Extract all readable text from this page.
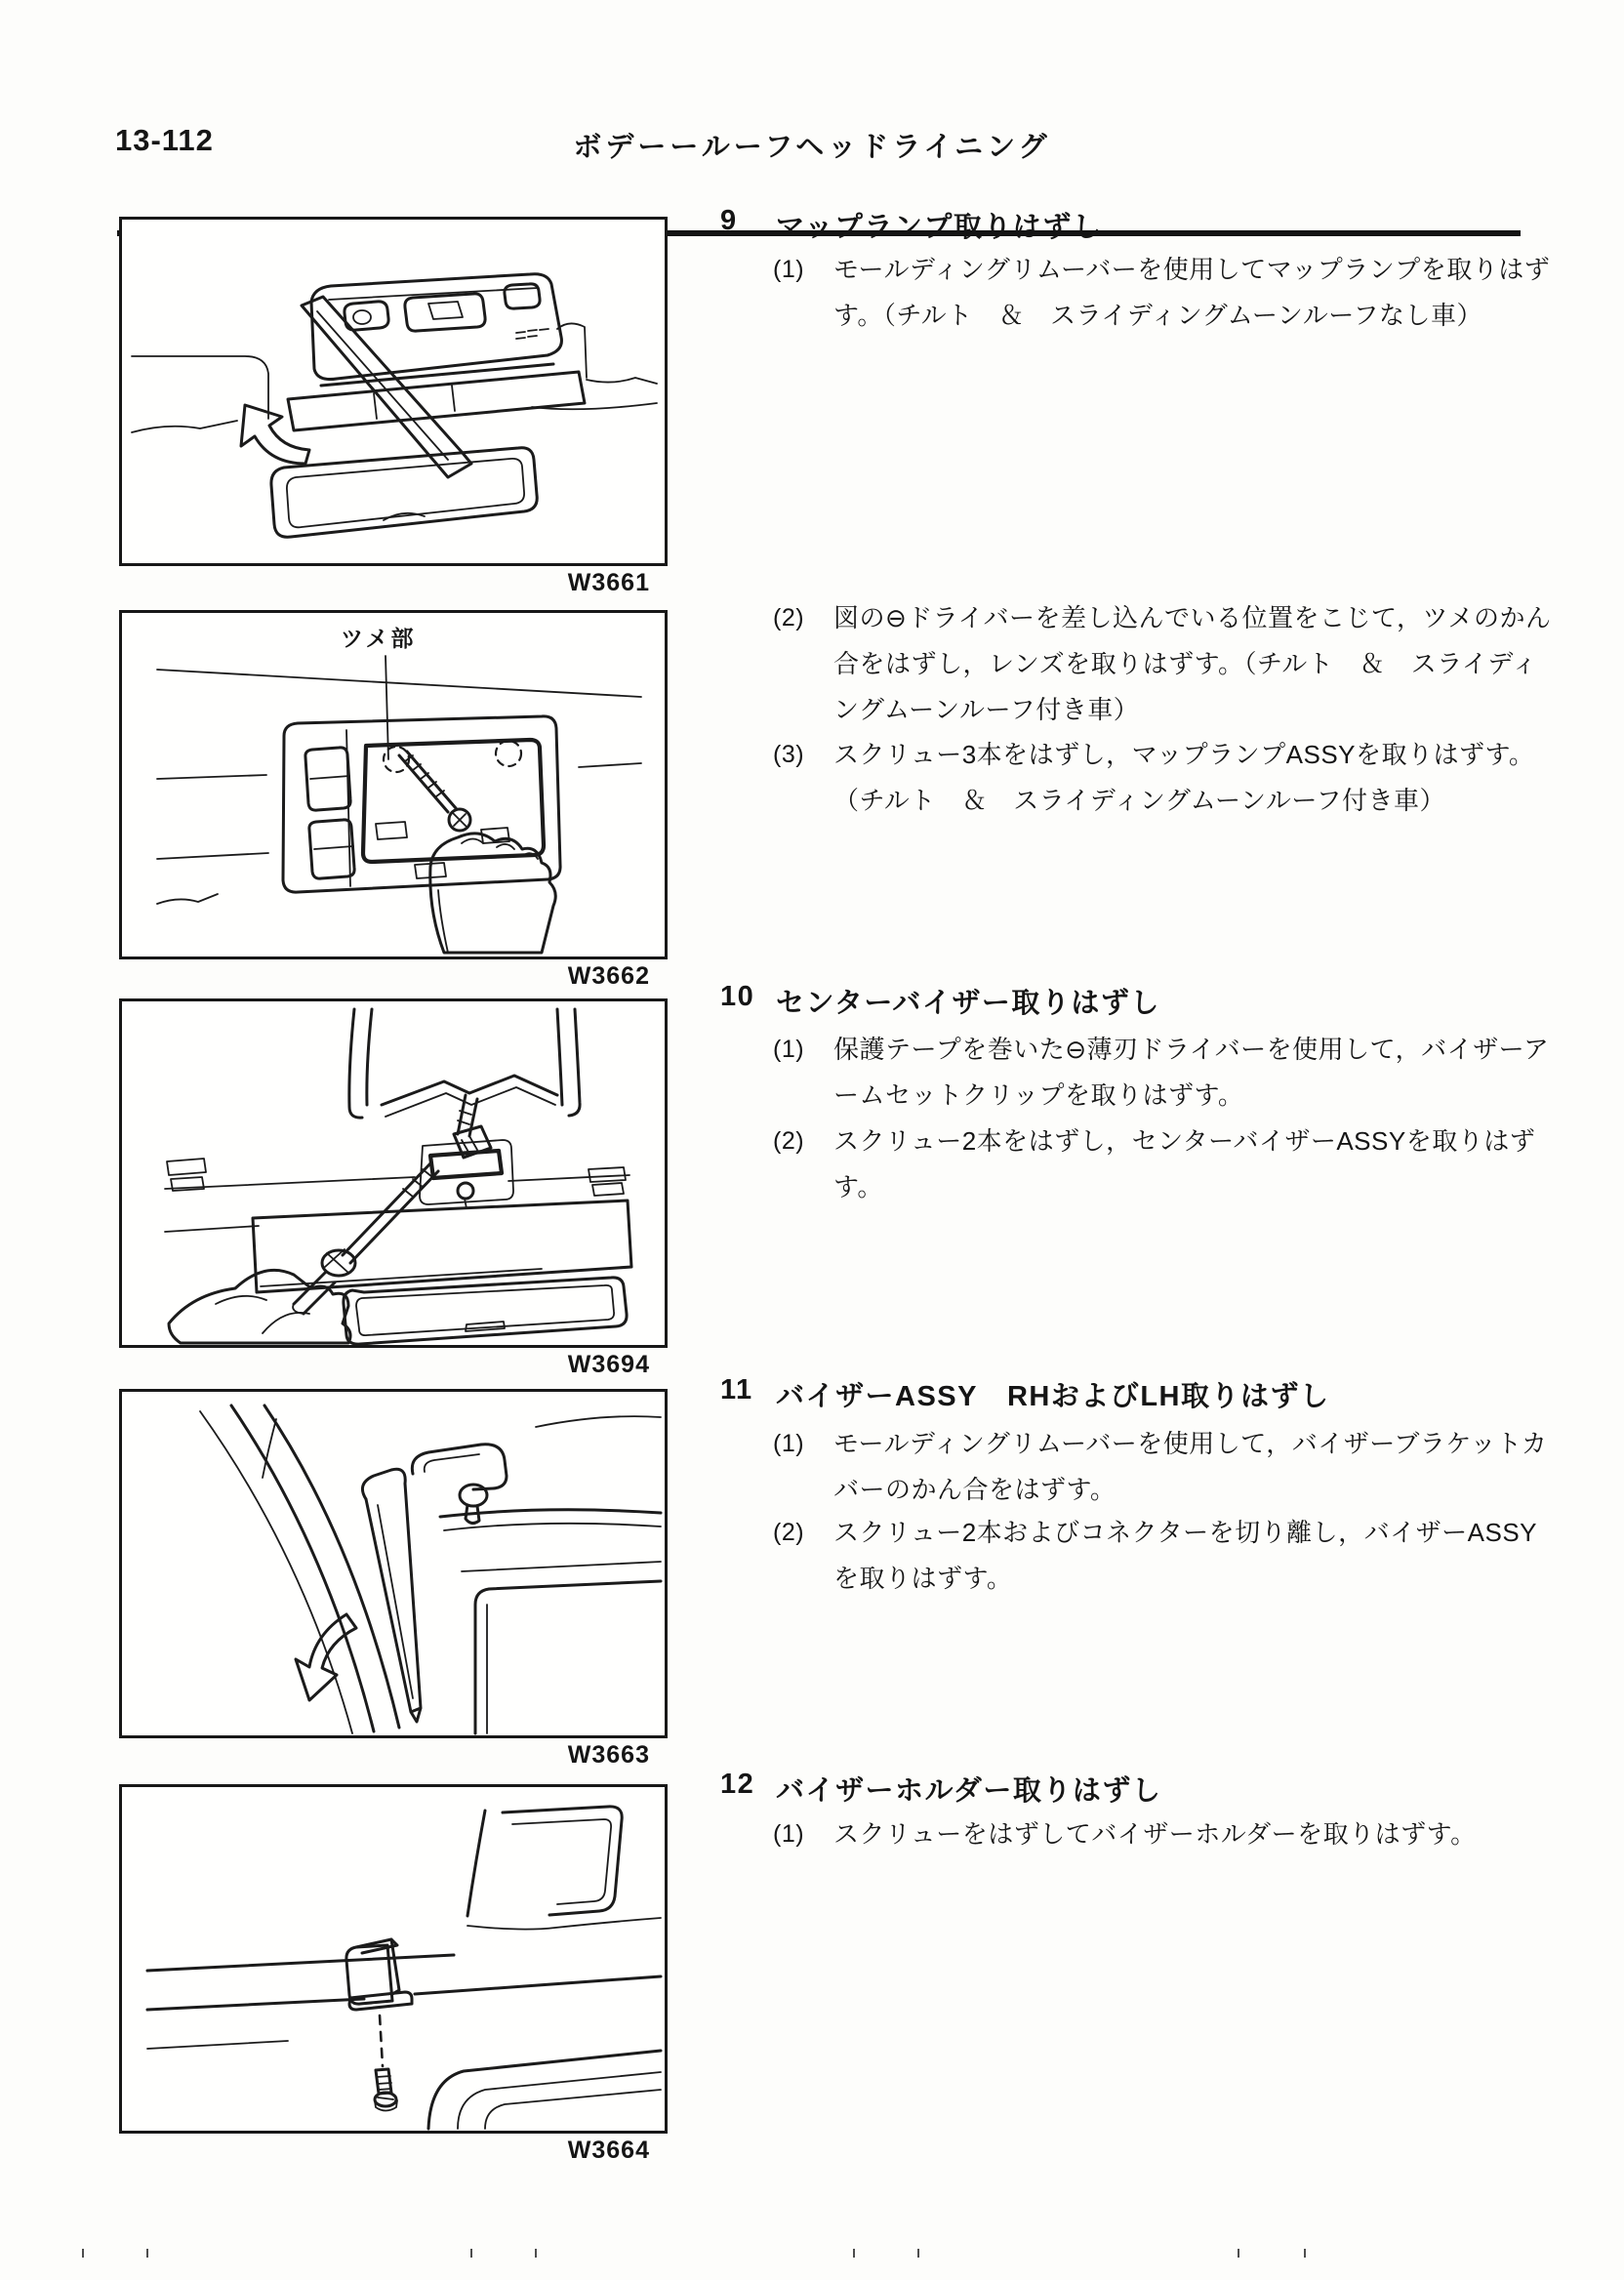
13-112	ボデーールーフヘッドライニング
W3661
ツメ部
W3662
W3694
W3663
W3664
9	マップランプ取りはずし
(1)	モールディングリムーバーを使用してマップランプを取りはず
す。（チルト　＆　スライディングムーンルーフなし車）
(2)	図の⊖ドライバーを差し込んでいる位置をこじて，ツメのかん
合をはずし，レンズを取りはずす。（チルト　＆　スライディ
ングムーンルーフ付き車）
(3)	スクリュー3本をはずし，マップランプASSYを取りはずす。
（チルト　＆　スライディングムーンルーフ付き車）
10 センターバイザー取りはずし
(1)	保護テープを巻いた⊖薄刃ドライバーを使用して，バイザーア
ームセットクリップを取りはずす。
(2)	スクリュー2本をはずし，センターバイザーASSYを取りはず
す。
11 バイザーASSY　RHおよびLH取りはずし
(1)	モールディングリムーバーを使用して，バイザーブラケットカ
バーのかん合をはずす。
(2)	スクリュー2本およびコネクターを切り離し，バイザーASSY
を取りはずす。
12 バイザーホルダー取りはずし
(1)	スクリューをはずしてバイザーホルダーを取りはずす。
